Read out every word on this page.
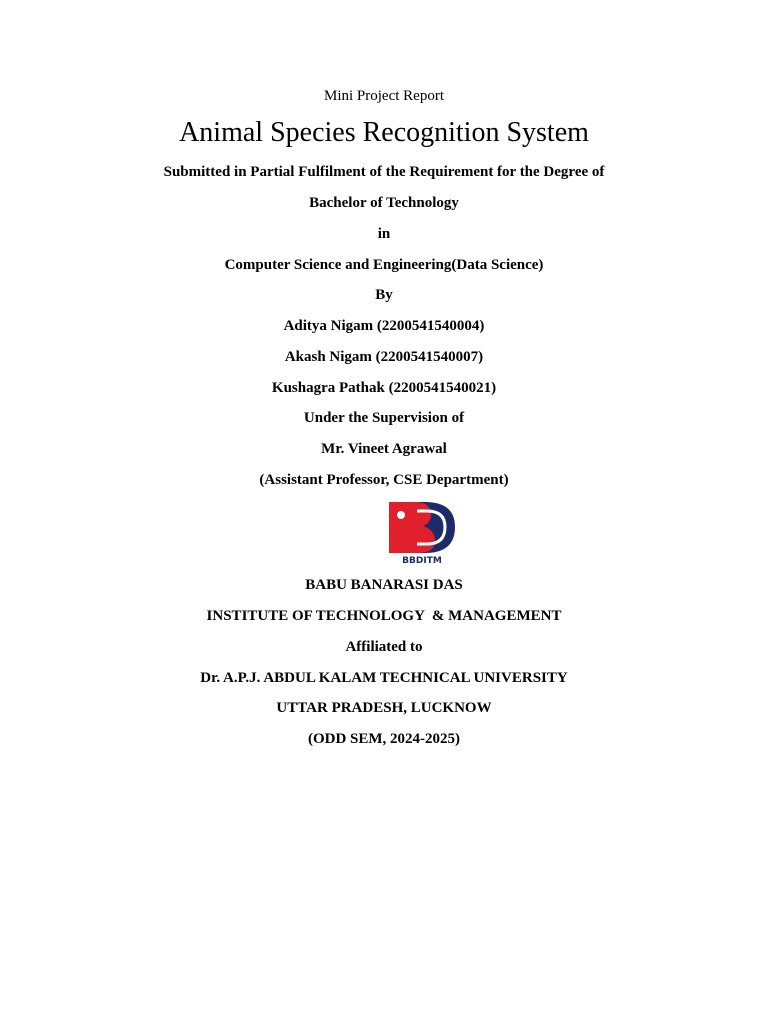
Mini Project Report
Animal Species Recognition System
Submitted in Partial Fulfilment of the Requirement for the Degree of
Bachelor of Technology
in
Computer Science and Engineering(Data Science)
By
Aditya Nigam (2200541540004)
Akash Nigam (2200541540007)
Kushagra Pathak (2200541540021)
Under the Supervision of
Mr. Vineet Agrawal
(Assistant Professor, CSE Department)
BBDITM
BABU BANARASI DAS
INSTITUTE OF TECHNOLOGY  & MANAGEMENT
Affiliated to
Dr. A.P.J. ABDUL KALAM TECHNICAL UNIVERSITY
UTTAR PRADESH, LUCKNOW
(ODD SEM, 2024-2025)
